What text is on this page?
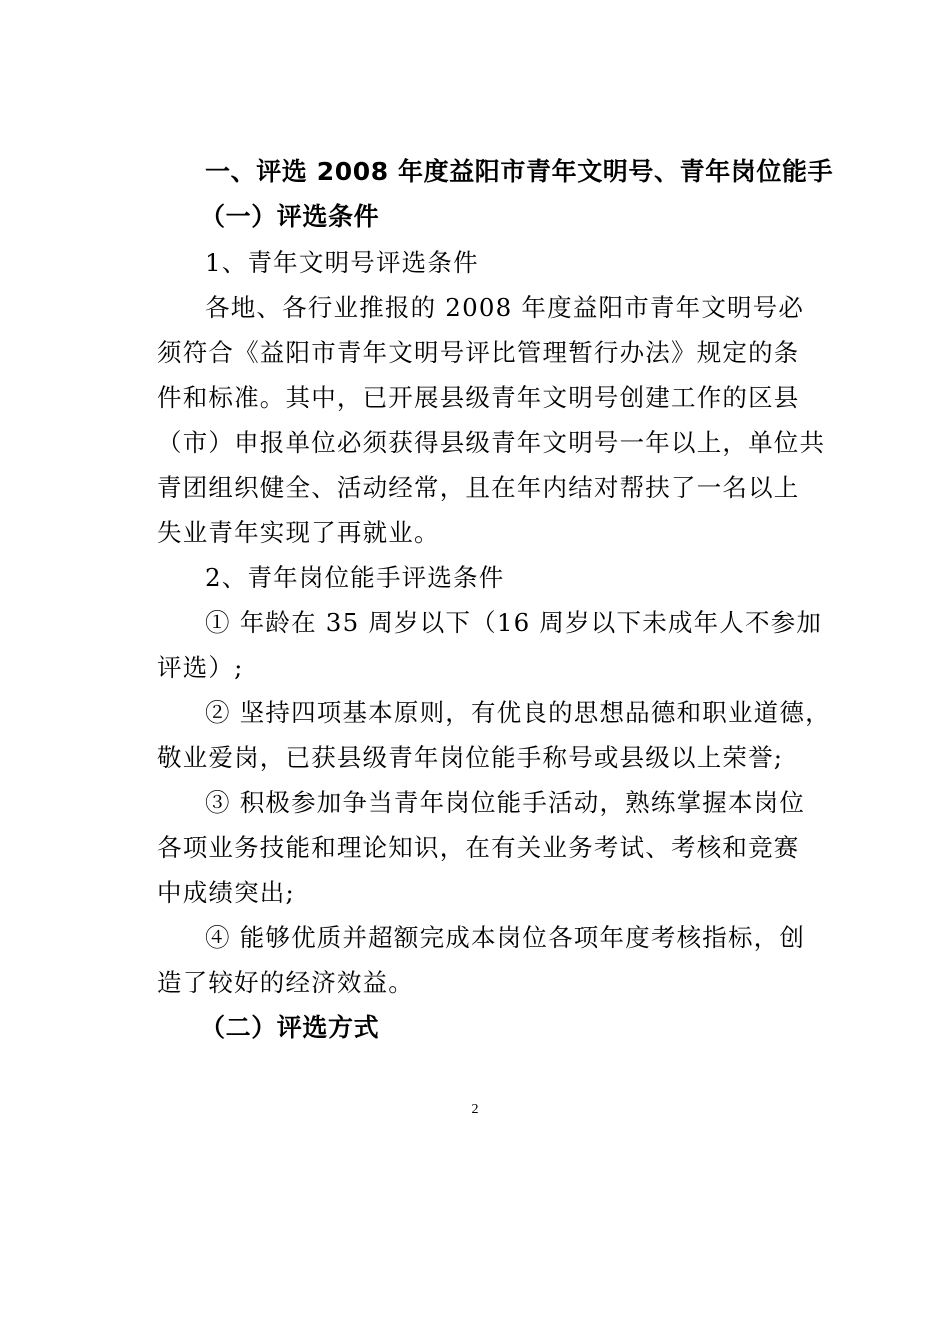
一、评选 2008 年度益阳市青年文明号、青年岗位能手
（一）评选条件
1、青年文明号评选条件
各地、各行业推报的 2008 年度益阳市青年文明号必
须符合《益阳市青年文明号评比管理暂行办法》规定的条
件和标准。其中，已开展县级青年文明号创建工作的区县
（市）申报单位必须获得县级青年文明号一年以上，单位共
青团组织健全、活动经常，且在年内结对帮扶了一名以上
失业青年实现了再就业。
2、青年岗位能手评选条件
① 年龄在 35 周岁以下（16 周岁以下未成年人不参加
评选）;
② 坚持四项基本原则，有优良的思想品德和职业道德，
敬业爱岗，已获县级青年岗位能手称号或县级以上荣誉;
③ 积极参加争当青年岗位能手活动，熟练掌握本岗位
各项业务技能和理论知识，在有关业务考试、考核和竞赛
中成绩突出;
④ 能够优质并超额完成本岗位各项年度考核指标，创
造了较好的经济效益。
（二）评选方式
2
